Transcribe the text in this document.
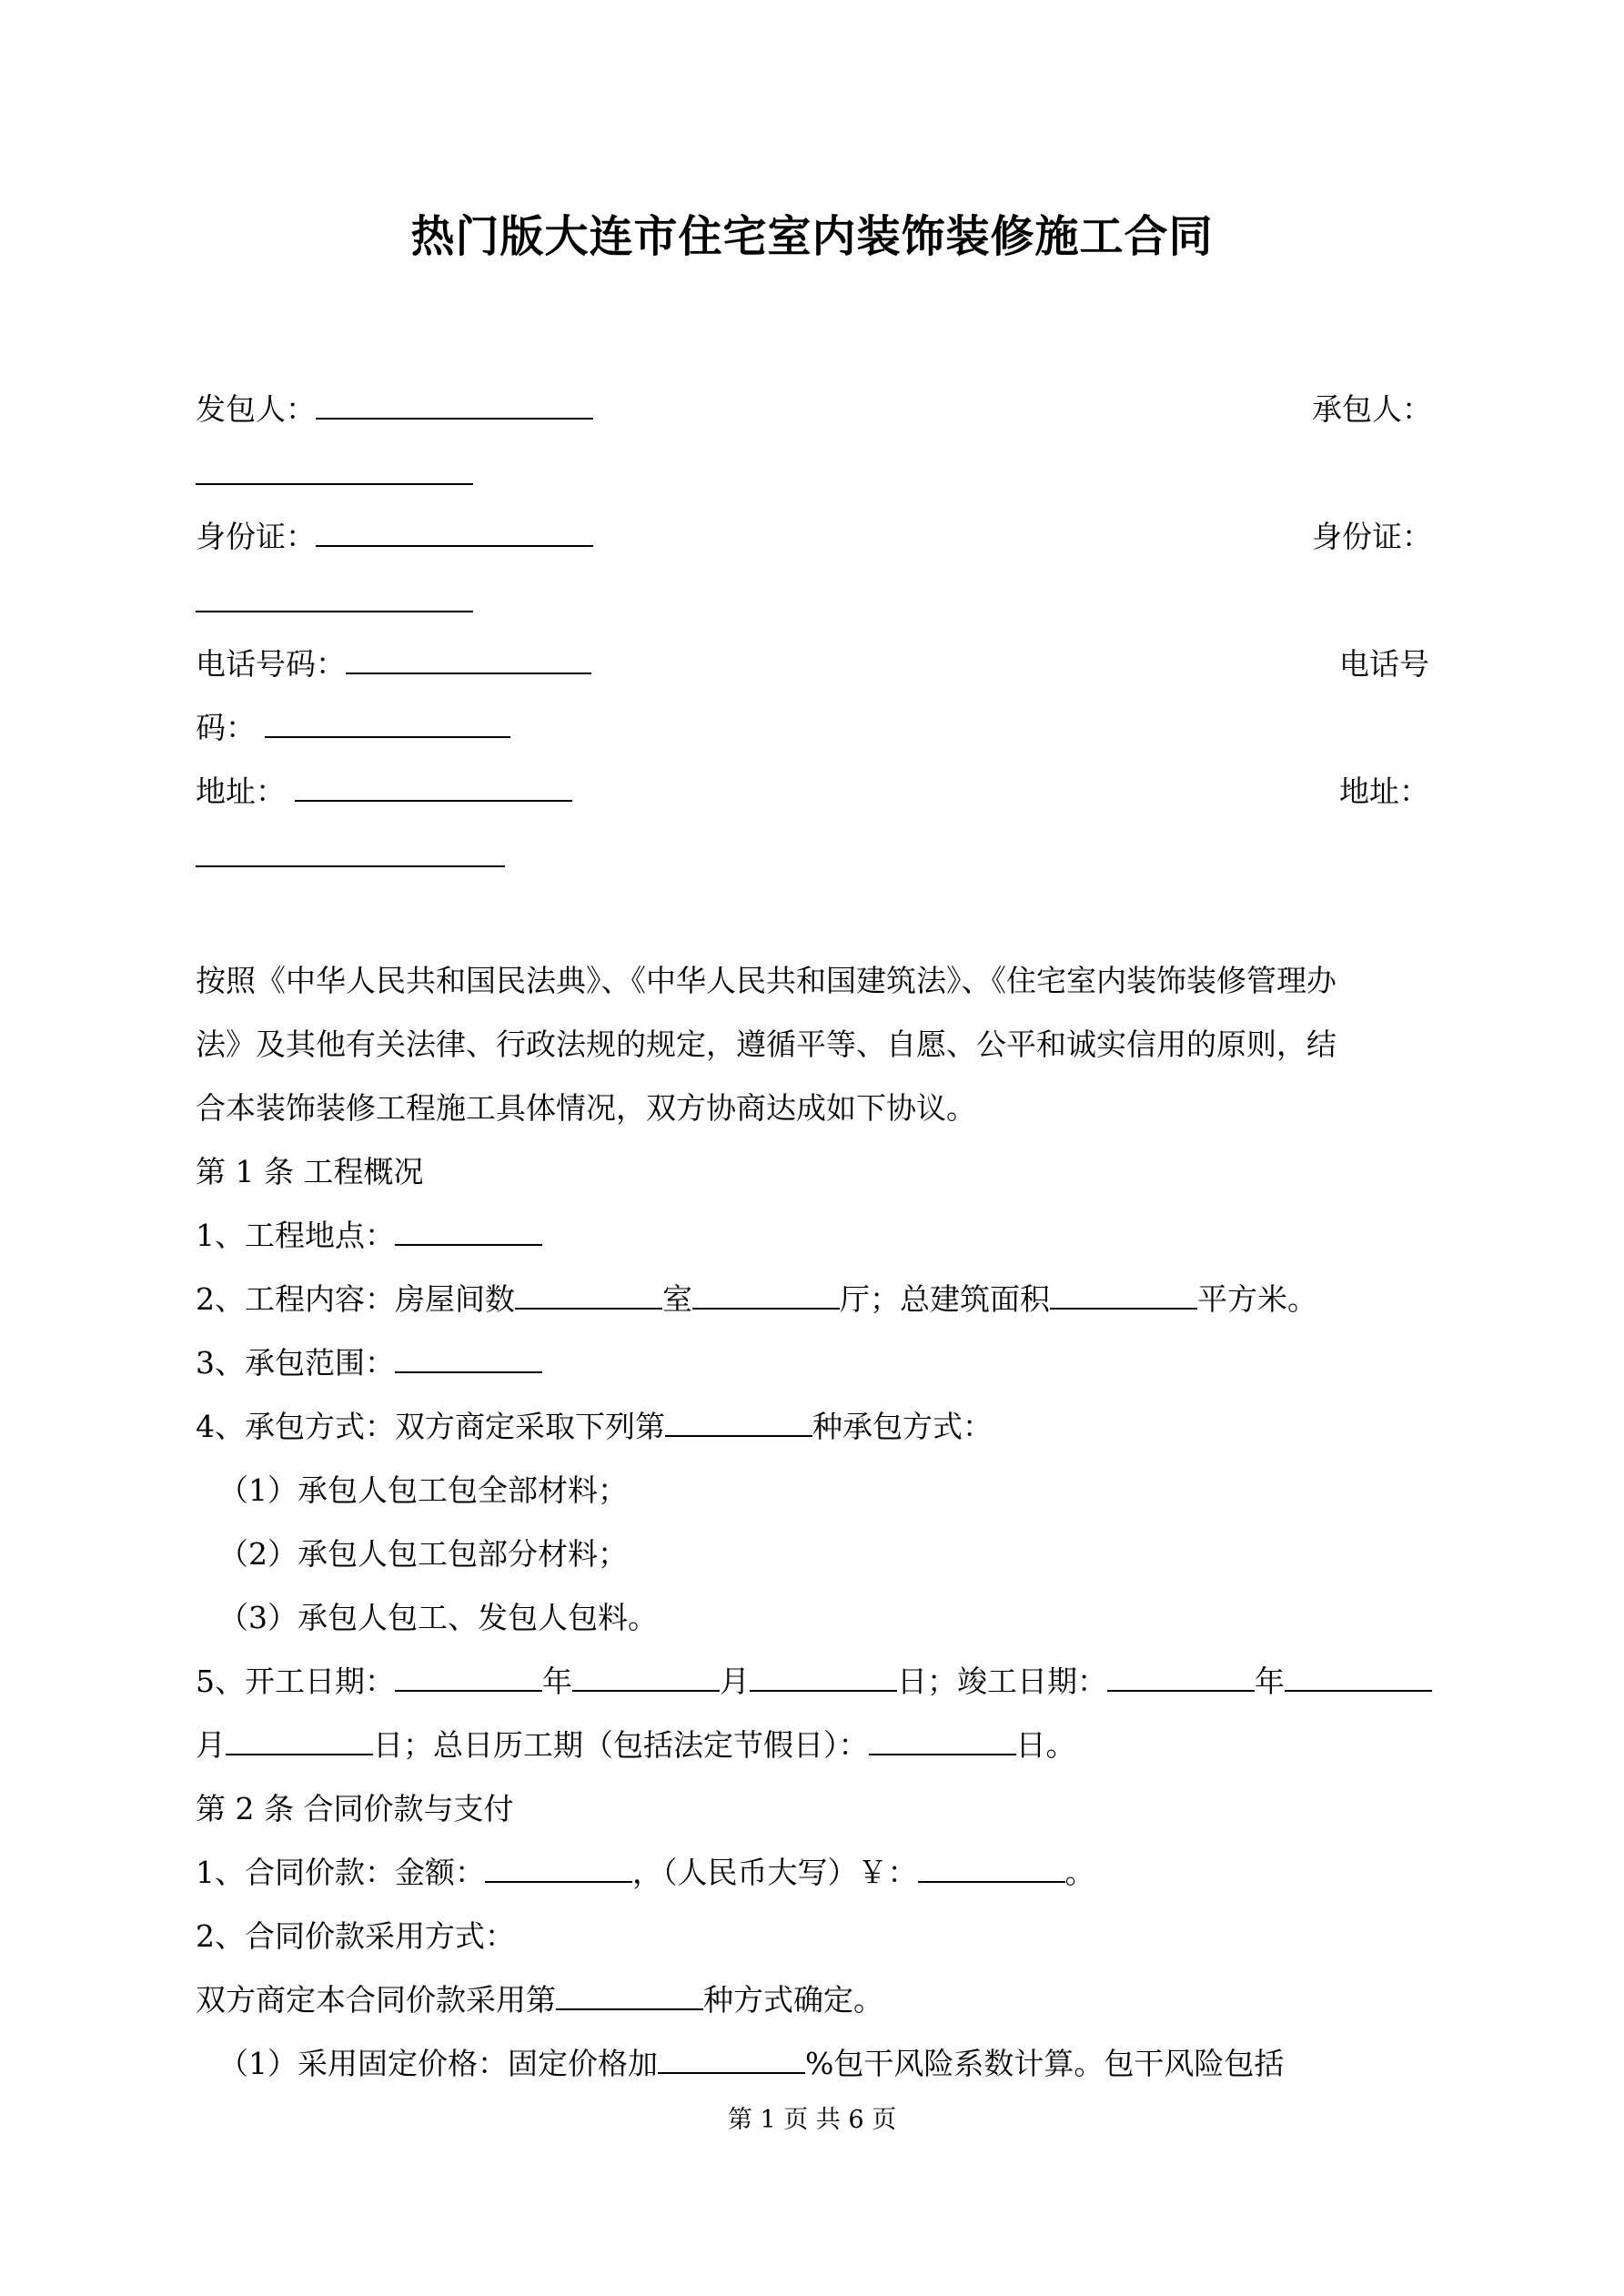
热门版大连市住宅室内装饰装修施工合同
发包人：	承包人：
身份证：	身份证：
电话号码：	电话号
码：
地址：	地址：
按照《中华人民共和国民法典》、《中华人民共和国建筑法》、《住宅室内装饰装修管理办
法》及其他有关法律、行政法规的规定，遵循平等、自愿、公平和诚实信用的原则，结
合本装饰装修工程施工具体情况，双方协商达成如下协议。
第 1 条 工程概况
1、工程地点：
2、工程内容：房屋间数	室	厅；总建筑面积	平方米。
3、承包范围：
4、承包方式：双方商定采取下列第	种承包方式：
（1）承包人包工包全部材料；
（2）承包人包工包部分材料；
（3）承包人包工、发包人包料。
5、开工日期：	年	月	日；竣工日期：	年
月	日；总日历工期（包括法定节假日）：	日。
第 2 条 合同价款与支付
1、合同价款：金额：	，（人民币大写）￥：	。
2、合同价款采用方式：
双方商定本合同价款采用第	种方式确定。
（1）采用固定价格：固定价格加	%包干风险系数计算。包干风险包括
第 1 页 共 6 页
